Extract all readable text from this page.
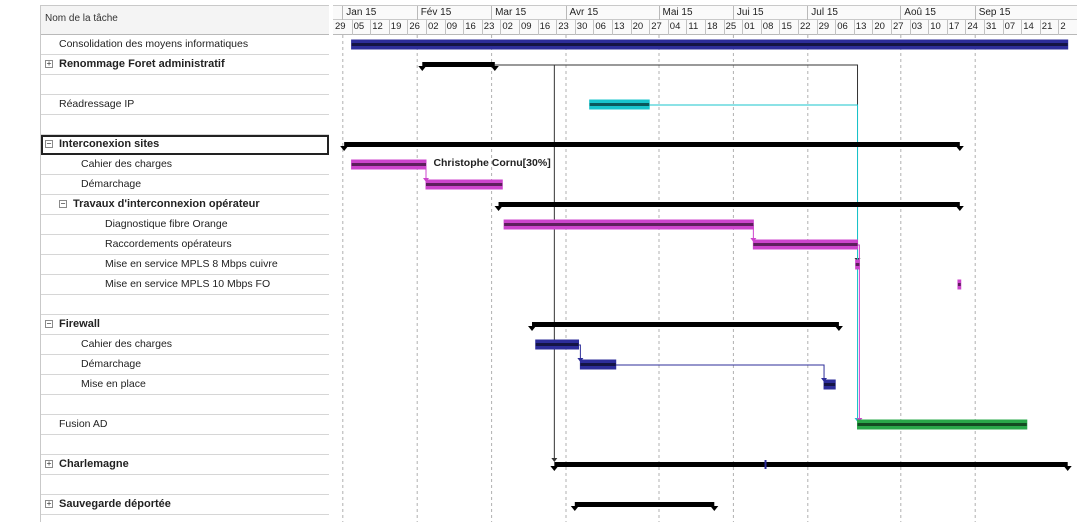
Nom de la tâche
Consolidation des moyens informatiques
+ Renommage Foret administratif
Réadressage IP
− Interconexion sites
Cahier des charges
Démarchage
− Travaux d'interconnexion opérateur
Diagnostique fibre Orange
Raccordements opérateurs
Mise en service MPLS 8 Mbps cuivre
Mise en service MPLS 10 Mbps FO
− Firewall
Cahier des charges
Démarchage
Mise en place
Fusion AD
+ Charlemagne
+ Sauvegarde déportée
Jan 15	Fév 15	Mar 15	Avr 15	Mai 15	Jui 15	Jul 15	Aoû 15	Sep 15
29 05 12 19 26 02 09 16 23 02 09 16 23 30 06 13 20 27 04 11 18 25 01 08 15 22 29 06 13 20 27 03 10 17 24 31 07 14 21 2
Christophe Cornu[30%]
